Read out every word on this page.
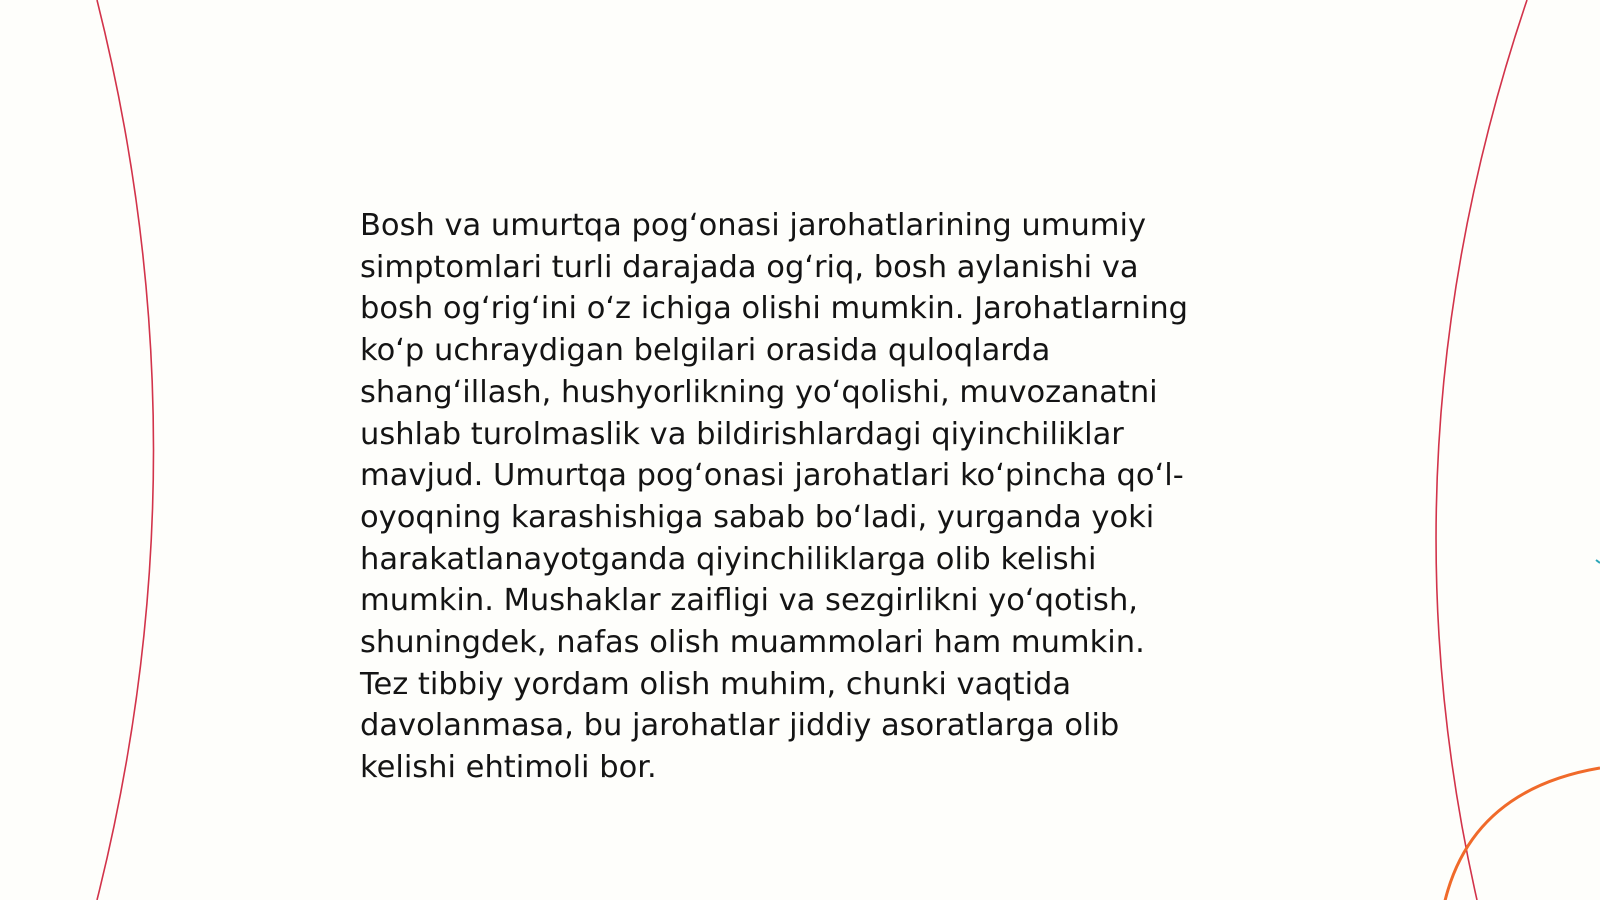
Bosh va umurtqa pog‘onasi jarohatlarining umumiy
simptomlari turli darajada og‘riq, bosh aylanishi va
bosh og‘rig‘ini o‘z ichiga olishi mumkin. Jarohatlarning
ko‘p uchraydigan belgilari orasida quloqlarda
shang‘illash, hushyorlikning yo‘qolishi, muvozanatni
ushlab turolmaslik va bildirishlardagi qiyinchiliklar
mavjud. Umurtqa pog‘onasi jarohatlari ko‘pincha qo‘l-
oyoqning karashishiga sabab bo‘ladi, yurganda yoki
harakatlanayotganda qiyinchiliklarga olib kelishi
mumkin. Mushaklar zaifligi va sezgirlikni yo‘qotish,
shuningdek, nafas olish muammolari ham mumkin.
Tez tibbiy yordam olish muhim, chunki vaqtida
davolanmasa, bu jarohatlar jiddiy asoratlarga olib
kelishi ehtimoli bor.
